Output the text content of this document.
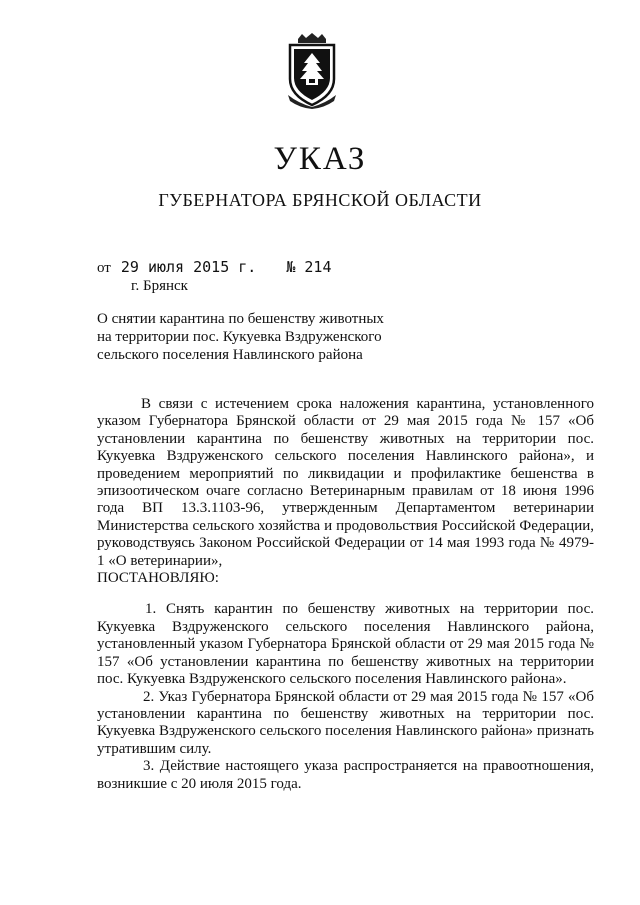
УКАЗ
ГУБЕРНАТОРА БРЯНСКОЙ ОБЛАСТИ
от 29 июля 2015 г. № 214
г. Брянск
О снятии карантина по бешенству животных
на территории пос. Кукуевка Вздруженского
сельского поселения Навлинского района

В связи с истечением срока наложения карантина, установленного указом Губернатора Брянской области от 29 мая 2015 года № 157 «Об установлении карантина по бешенству животных на территории пос. Кукуевка Вздруженского сельского поселения Навлинского района», и проведением мероприятий по ликвидации и профилактике бешенства в эпизоотическом очаге согласно Ветеринарным правилам от 18 июня 1996 года ВП 13.3.1103-96, утвержденным Департаментом ветеринарии Министерства сельского хозяйства и продовольствия Российской Федерации, руководствуясь Законом Российской Федерации от 14 мая 1993 года № 4979-1 «О ветеринарии»,

ПОСТАНОВЛЯЮ:

1. Снять карантин по бешенству животных на территории пос. Кукуевка Вздруженского сельского поселения Навлинского района, установленный указом Губернатора Брянской области от 29 мая 2015 года № 157 «Об установлении карантина по бешенству животных на территории пос. Кукуевка Вздруженского сельского поселения Навлинского района».

2. Указ Губернатора Брянской области от 29 мая 2015 года № 157 «Об установлении карантина по бешенству животных на территории пос. Кукуевка Вздруженского сельского поселения Навлинского района» признать утратившим силу.

3. Действие настоящего указа распространяется на правоотношения, возникшие с 20 июля 2015 года.
